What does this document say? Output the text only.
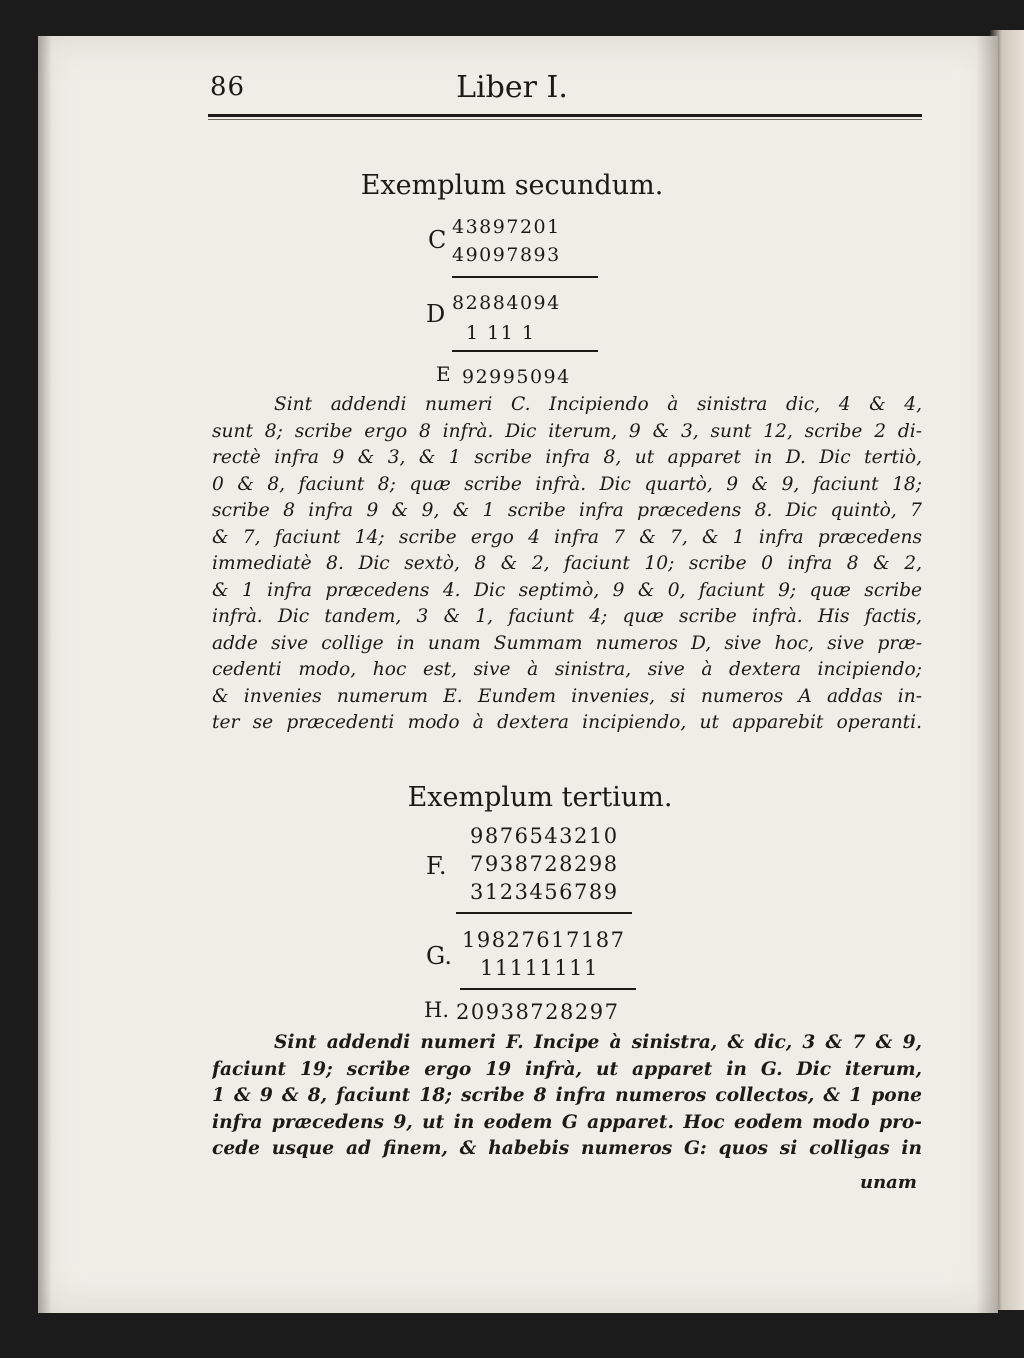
86	Liber I.
Exemplum secundum.
C 43897201
49097893
D 82884094
1 11 1
E 92995094
Sint addendi numeri C. Incipiendo à sinistra dic, 4 & 4,
sunt 8; scribe ergo 8 infrà. Dic iterum, 9 & 3, sunt 12, scribe 2 di-
rectè infra 9 & 3, & 1 scribe infra 8, ut apparet in D. Dic tertiò,
0 & 8, faciunt 8; quæ scribe infrà. Dic quartò, 9 & 9, faciunt 18;
scribe 8 infra 9 & 9, & 1 scribe infra præcedens 8. Dic quintò, 7
& 7, faciunt 14; scribe ergo 4 infra 7 & 7, & 1 infra præcedens
immediatè 8. Dic sextò, 8 & 2, faciunt 10; scribe 0 infra 8 & 2,
& 1 infra præcedens 4. Dic septimò, 9 & 0, faciunt 9; quæ scribe
infrà. Dic tandem, 3 & 1, faciunt 4; quæ scribe infrà. His factis,
adde sive collige in unam Summam numeros D, sive hoc, sive præ-
cedenti modo, hoc est, sive à sinistra, sive à dextera incipiendo;
& invenies numerum E. Eundem invenies, si numeros A addas in-
ter se præcedenti modo à dextera incipiendo, ut apparebit operanti.
Exemplum tertium.
9876543210
F. 7938728298
3123456789
G.
19827617187
11111111
H. 20938728297
Sint addendi numeri F. Incipe à sinistra, & dic, 3 & 7 & 9,
faciunt 19; scribe ergo 19 infrà, ut apparet in G. Dic iterum,
1 & 9 & 8, faciunt 18; scribe 8 infra numeros collectos, & 1 pone
infra præcedens 9, ut in eodem G apparet. Hoc eodem modo pro-
cede usque ad finem, & habebis numeros G: quos si colligas in
unam
